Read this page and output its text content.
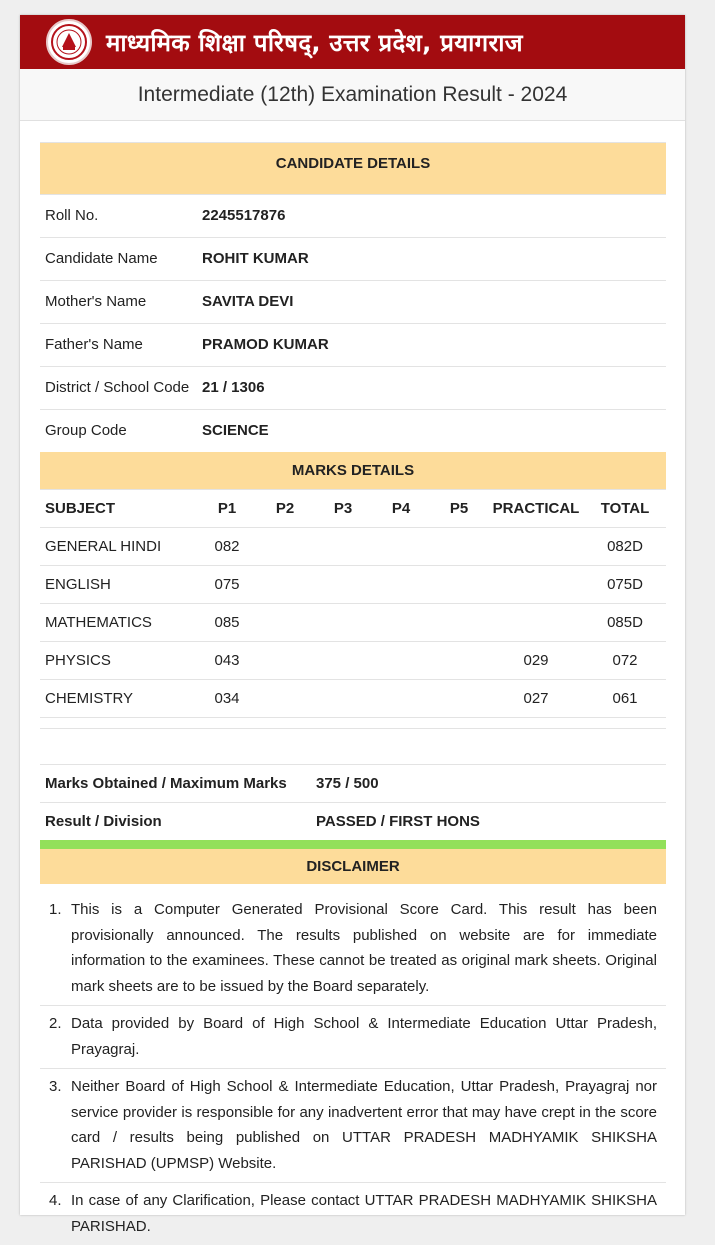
माध्यमिक शिक्षा परिषद्, उत्तर प्रदेश, प्रयागराज
Intermediate (12th) Examination Result - 2024
CANDIDATE DETAILS	
Roll No.	2245517876
Candidate Name	ROHIT KUMAR
Mother's Name	SAVITA DEVI
Father's Name	PRAMOD KUMAR
District / School Code	21 / 1306
Group Code	SCIENCE
MARKS DETAILS							
SUBJECT	P1	P2	P3	P4	P5	PRACTICAL	TOTAL
GENERAL HINDI	082						082D
ENGLISH	075						075D
MATHEMATICS	085						085D
PHYSICS	043					029	072
CHEMISTRY	034					027	061
Marks Obtained / Maximum Marks	375 / 500
Result / Division	PASSED / FIRST HONS
DISCLAIMER
1. This is a Computer Generated Provisional Score Card. This result has been provisionally announced. The results published on website are for immediate information to the examinees. These cannot be treated as original mark sheets. Original mark sheets are to be issued by the Board separately.
2. Data provided by Board of High School & Intermediate Education Uttar Pradesh, Prayagraj.
3. Neither Board of High School & Intermediate Education, Uttar Pradesh, Prayagraj nor service provider is responsible for any inadvertent error that may have crept in the score card / results being published on UTTAR PRADESH MADHYAMIK SHIKSHA PARISHAD (UPMSP) Website.
4. In case of any Clarification, Please contact UTTAR PRADESH MADHYAMIK SHIKSHA PARISHAD.
